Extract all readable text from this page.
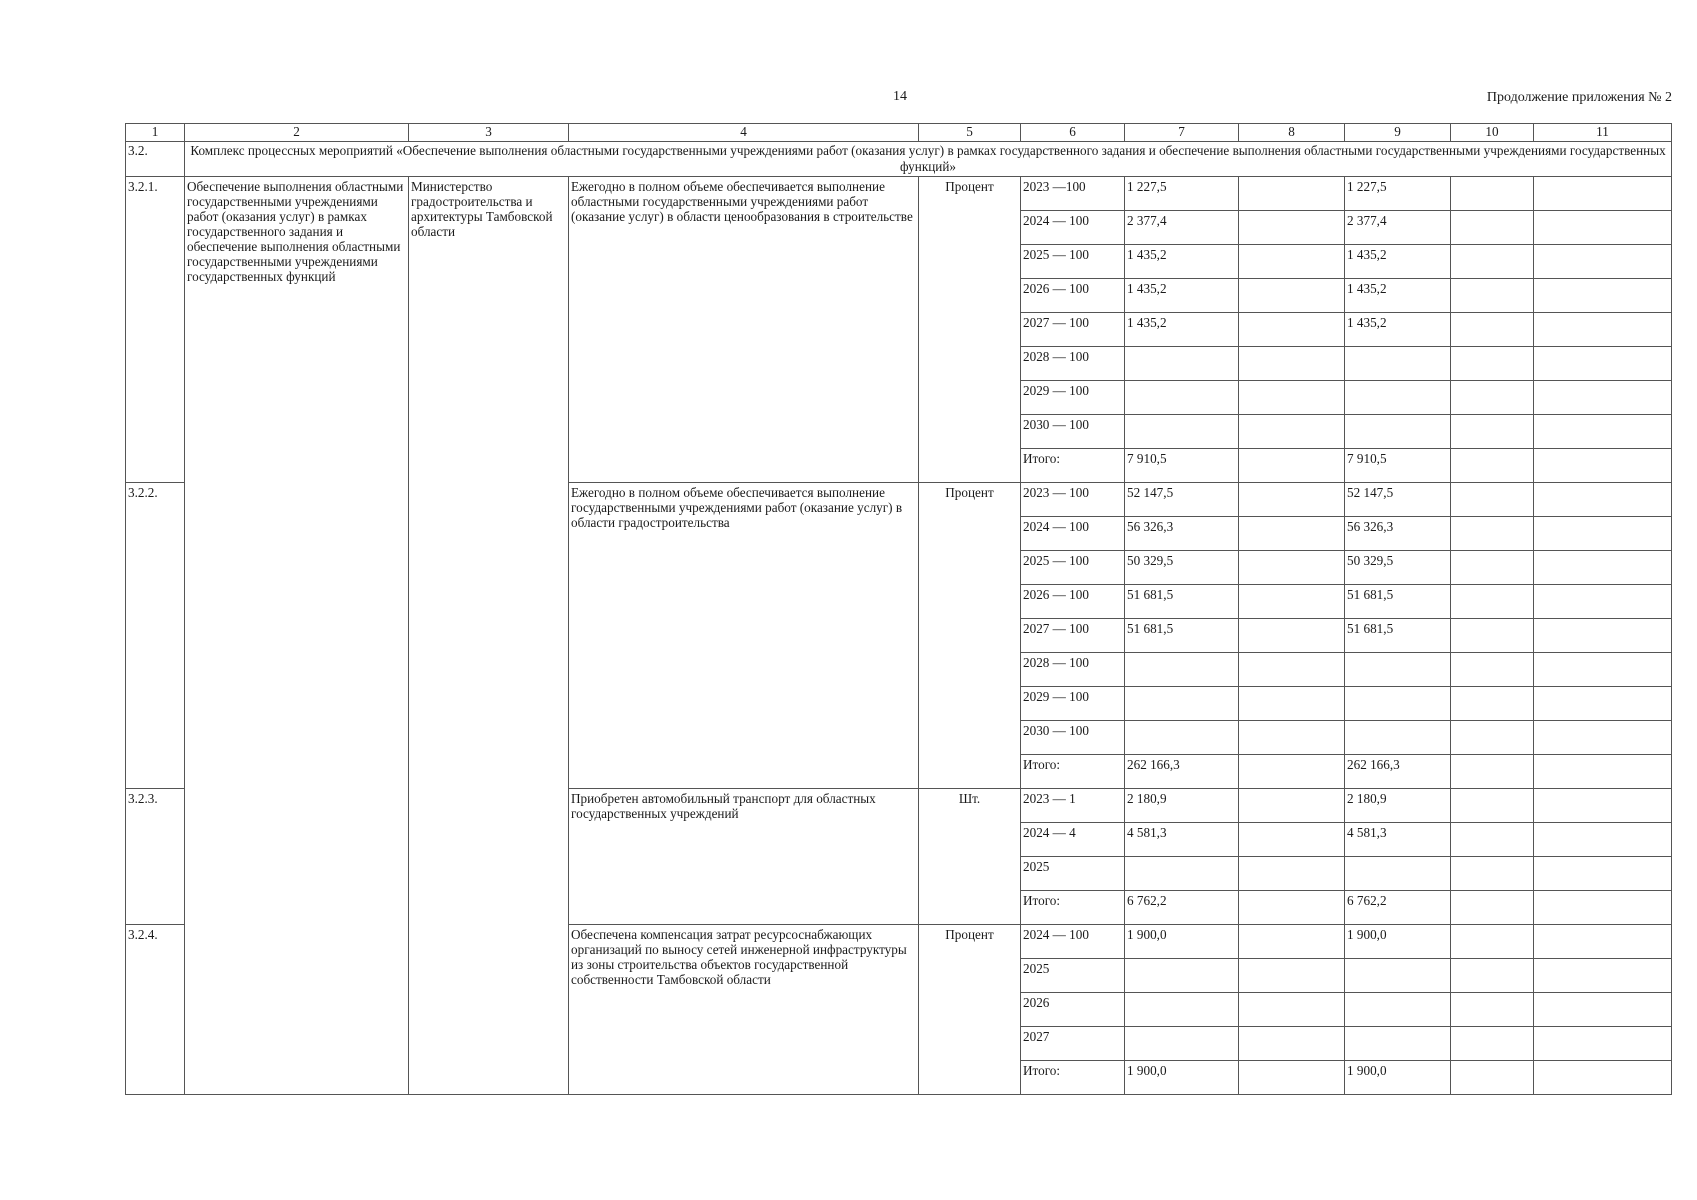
14	Продолжение приложения № 2
1	2	3	4	5	6	7	8	9	10	11
3.2.	Комплекс процессных мероприятий «Обеспечение выполнения областными государственными учреждениями работ (оказания услуг) в рамках государственного задания и обеспечение выполнения областными государственными учреждениями государственных функций»									
3.2.1.	Обеспечение выполнения областными государственными учреждениями работ (оказания услуг) в рамках государственного задания и обеспечение выполнения областными государственными учреждениями государственных функций	Министерство градостроительства и архитектуры Тамбовской области	Ежегодно в полном объеме обеспечивается выполнение областными государственными учреждениями работ (оказание услуг) в области ценообразования в строительстве	Процент	2023 —100	1 227,5		1 227,5		
					2024 — 100	2 377,4		2 377,4		
					2025 — 100	1 435,2		1 435,2		
					2026 — 100	1 435,2		1 435,2		
					2027 — 100	1 435,2		1 435,2		
					2028 — 100					
					2029 — 100					
					2030 — 100					
					Итого:	7 910,5		7 910,5		
3.2.2.			Ежегодно в полном объеме обеспечивается выполнение государственными учреждениями работ (оказание услуг) в области градостроительства	Процент	2023 — 100	52 147,5		52 147,5		
					2024 — 100	56 326,3		56 326,3		
					2025 — 100	50 329,5		50 329,5		
					2026 — 100	51 681,5		51 681,5		
					2027 — 100	51 681,5		51 681,5		
					2028 — 100					
					2029 — 100					
					2030 — 100					
					Итого:	262 166,3		262 166,3		
3.2.3.			Приобретен автомобильный транспорт для областных государственных учреждений	Шт.	2023 — 1	2 180,9		2 180,9		
					2024 — 4	4 581,3		4 581,3		
					2025					
					Итого:	6 762,2		6 762,2		
3.2.4.			Обеспечена компенсация затрат ресурсоснабжающих организаций по выносу сетей инженерной инфраструктуры из зоны строительства объектов государственной собственности Тамбовской области	Процент	2024 — 100	1 900,0		1 900,0		
					2025					
					2026					
					2027					
					Итого:	1 900,0		1 900,0		
